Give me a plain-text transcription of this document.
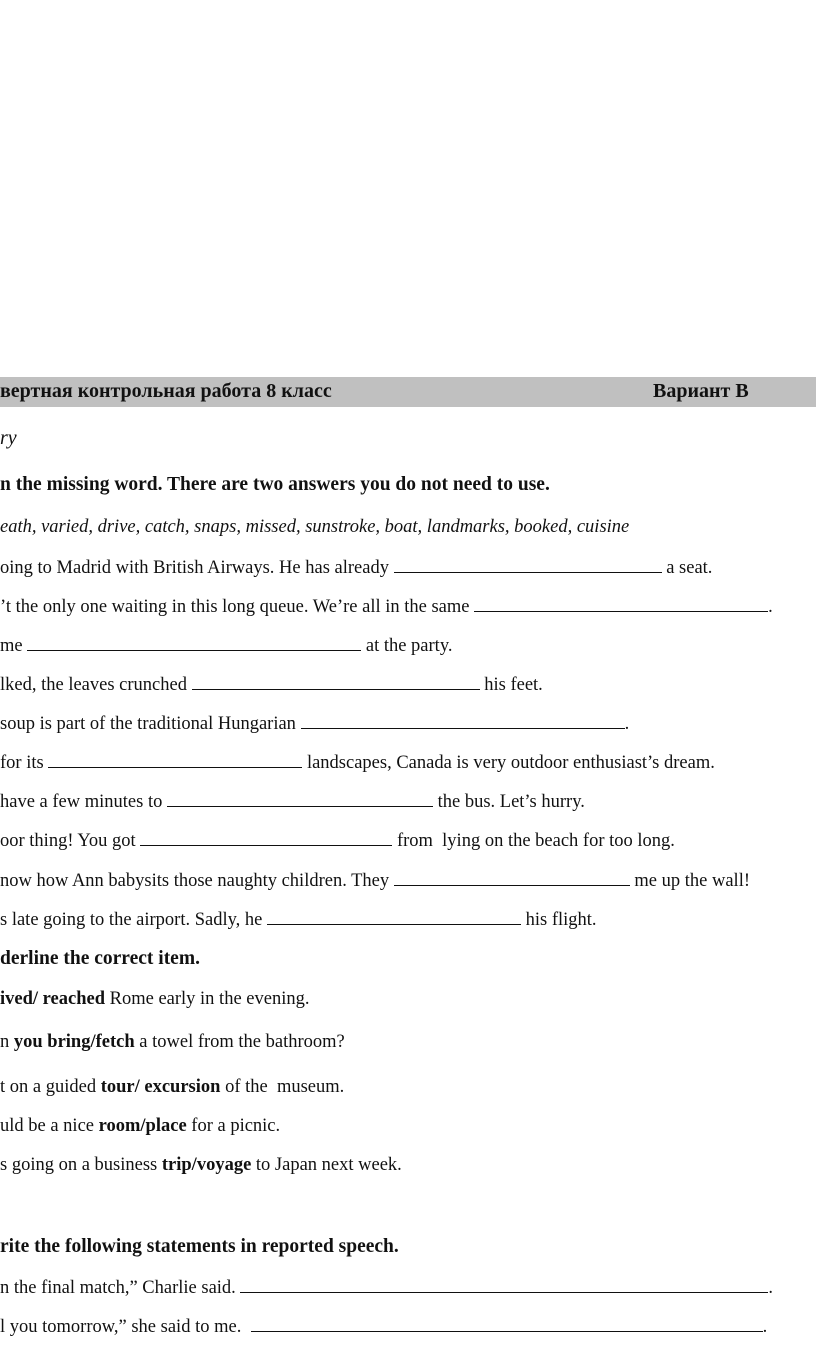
вертная контрольная работа 8 класс	Вариант В
ry
n the missing word. There are two answers you do not need to use.
eath, varied, drive, catch, snaps, missed, sunstroke, boat, landmarks, booked, cuisine
oing to Madrid with British Airways. He has already	a seat.
’t the only one waiting in this long queue. We’re all in the same	.
me	at the party.
lked, the leaves crunched	his feet.
soup is part of the traditional Hungarian	.
for its	landscapes, Canada is very outdoor enthusiast’s dream.
have a few minutes to	the bus. Let’s hurry.
oor thing! You got	from  lying on the beach for too long.
now how Ann babysits those naughty children. They	me up the wall!
s late going to the airport. Sadly, he	his flight.
derline the correct item.
ived/ reached Rome early in the evening.
n you bring/fetch a towel from the bathroom?
t on a guided tour/ excursion of the  museum.
uld be a nice room/place for a picnic.
s going on a business trip/voyage to Japan next week.
rite the following statements in reported speech.
n the final match,” Charlie said.	.
l you tomorrow,” she said to me.	.
